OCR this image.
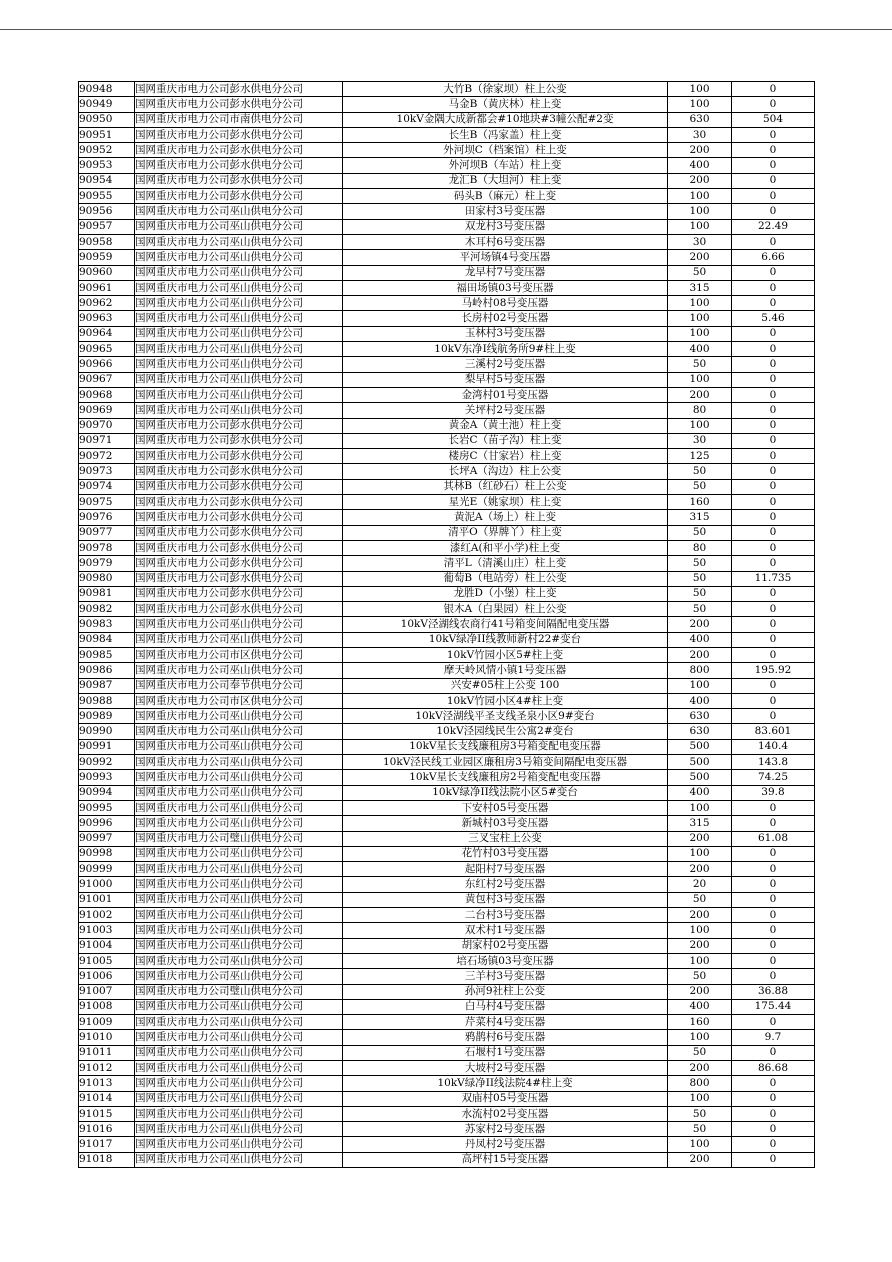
90948	国网重庆市电力公司彭水供电分公司	大竹B（徐家坝）柱上公变	100	0
90949	国网重庆市电力公司彭水供电分公司	马金B（黄庆林）柱上变	100	0
90950	国网重庆市电力公司市南供电分公司	10kV金隅大成新都会#10地块#3幢公配#2变	630	504
90951	国网重庆市电力公司彭水供电分公司	长生B（冯家盖）柱上变	30	0
90952	国网重庆市电力公司彭水供电分公司	外河坝C（档案馆）柱上变	200	0
90953	国网重庆市电力公司彭水供电分公司	外河坝B（车站）柱上变	400	0
90954	国网重庆市电力公司彭水供电分公司	龙汇B（大坦河）柱上变	200	0
90955	国网重庆市电力公司彭水供电分公司	码头B（麻元）柱上变	100	0
90956	国网重庆市电力公司巫山供电分公司	田家村3号变压器	100	0
90957	国网重庆市电力公司巫山供电分公司	双龙村3号变压器	100	22.49
90958	国网重庆市电力公司巫山供电分公司	木耳村6号变压器	30	0
90959	国网重庆市电力公司巫山供电分公司	平河场镇4号变压器	200	6.66
90960	国网重庆市电力公司巫山供电分公司	龙早村7号变压器	50	0
90961	国网重庆市电力公司巫山供电分公司	福田场镇03号变压器	315	0
90962	国网重庆市电力公司巫山供电分公司	马岭村08号变压器	100	0
90963	国网重庆市电力公司巫山供电分公司	长房村02号变压器	100	5.46
90964	国网重庆市电力公司巫山供电分公司	玉林村3号变压器	100	0
90965	国网重庆市电力公司巫山供电分公司	10kV东净I线航务所9#柱上变	400	0
90966	国网重庆市电力公司巫山供电分公司	三溪村2号变压器	50	0
90967	国网重庆市电力公司巫山供电分公司	梨早村5号变压器	100	0
90968	国网重庆市电力公司巫山供电分公司	金湾村01号变压器	200	0
90969	国网重庆市电力公司巫山供电分公司	关坪村2号变压器	80	0
90970	国网重庆市电力公司彭水供电分公司	黄金A（黄土池）柱上变	100	0
90971	国网重庆市电力公司彭水供电分公司	长岩C（苗子沟）柱上变	30	0
90972	国网重庆市电力公司彭水供电分公司	楼房C（甘家岩）柱上变	125	0
90973	国网重庆市电力公司彭水供电分公司	长坪A（沟边）柱上公变	50	0
90974	国网重庆市电力公司彭水供电分公司	其林B（红砂石）柱上公变	50	0
90975	国网重庆市电力公司彭水供电分公司	星光E（姚家坝）柱上变	160	0
90976	国网重庆市电力公司彭水供电分公司	黄泥A（场上）柱上变	315	0
90977	国网重庆市电力公司彭水供电分公司	清平O（界牌丫）柱上变	50	0
90978	国网重庆市电力公司彭水供电分公司	漆红A(和平小学)柱上变	80	0
90979	国网重庆市电力公司彭水供电分公司	清平L（清溪山庄）柱上变	50	0
90980	国网重庆市电力公司彭水供电分公司	葡萄B（电站旁）柱上公变	50	11.735
90981	国网重庆市电力公司彭水供电分公司	龙胜D（小堡）柱上变	50	0
90982	国网重庆市电力公司彭水供电分公司	银木A（白果园）柱上公变	50	0
90983	国网重庆市电力公司巫山供电分公司	10kV泾湖线农商行41号箱变间隔配电变压器	200	0
90984	国网重庆市电力公司巫山供电分公司	10kV绿净II线教师新村22#变台	400	0
90985	国网重庆市电力公司市区供电分公司	10kV竹园小区5#柱上变	200	0
90986	国网重庆市电力公司巫山供电分公司	摩天岭风情小镇1号变压器	800	195.92
90987	国网重庆市电力公司奉节供电分公司	兴安#05柱上公变 100	100	0
90988	国网重庆市电力公司市区供电分公司	10kV竹园小区4#柱上变	400	0
90989	国网重庆市电力公司巫山供电分公司	10kV泾湖线平圣支线圣泉小区9#变台	630	0
90990	国网重庆市电力公司巫山供电分公司	10kV泾园线民生公寓2#变台	630	83.601
90991	国网重庆市电力公司巫山供电分公司	10kV星长支线廉租房3号箱变配电变压器	500	140.4
90992	国网重庆市电力公司巫山供电分公司	10kV泾民线工业园区廉租房3号箱变间隔配电变压器	500	143.8
90993	国网重庆市电力公司巫山供电分公司	10kV星长支线廉租房2号箱变配电变压器	500	74.25
90994	国网重庆市电力公司巫山供电分公司	10kV绿净II线法院小区5#变台	400	39.8
90995	国网重庆市电力公司巫山供电分公司	下安村05号变压器	100	0
90996	国网重庆市电力公司巫山供电分公司	新城村03号变压器	315	0
90997	国网重庆市电力公司璧山供电分公司	三叉宝柱上公变	200	61.08
90998	国网重庆市电力公司巫山供电分公司	花竹村03号变压器	100	0
90999	国网重庆市电力公司巫山供电分公司	起阳村7号变压器	200	0
91000	国网重庆市电力公司巫山供电分公司	东红村2号变压器	20	0
91001	国网重庆市电力公司巫山供电分公司	黄包村3号变压器	50	0
91002	国网重庆市电力公司巫山供电分公司	二台村3号变压器	200	0
91003	国网重庆市电力公司巫山供电分公司	双术村1号变压器	100	0
91004	国网重庆市电力公司巫山供电分公司	胡家村02号变压器	200	0
91005	国网重庆市电力公司巫山供电分公司	培石场镇03号变压器	100	0
91006	国网重庆市电力公司巫山供电分公司	三羊村3号变压器	50	0
91007	国网重庆市电力公司璧山供电分公司	孙河9社柱上公变	200	36.88
91008	国网重庆市电力公司巫山供电分公司	白马村4号变压器	400	175.44
91009	国网重庆市电力公司巫山供电分公司	芹菜村4号变压器	160	0
91010	国网重庆市电力公司巫山供电分公司	鸦鹊村6号变压器	100	9.7
91011	国网重庆市电力公司巫山供电分公司	石堰村1号变压器	50	0
91012	国网重庆市电力公司巫山供电分公司	大坡村2号变压器	200	86.68
91013	国网重庆市电力公司巫山供电分公司	10kV绿净II线法院4#柱上变	800	0
91014	国网重庆市电力公司巫山供电分公司	双庙村05号变压器	100	0
91015	国网重庆市电力公司巫山供电分公司	水流村02号变压器	50	0
91016	国网重庆市电力公司巫山供电分公司	苏家村2号变压器	50	0
91017	国网重庆市电力公司巫山供电分公司	丹凤村2号变压器	100	0
91018	国网重庆市电力公司巫山供电分公司	高坪村15号变压器	200	0
